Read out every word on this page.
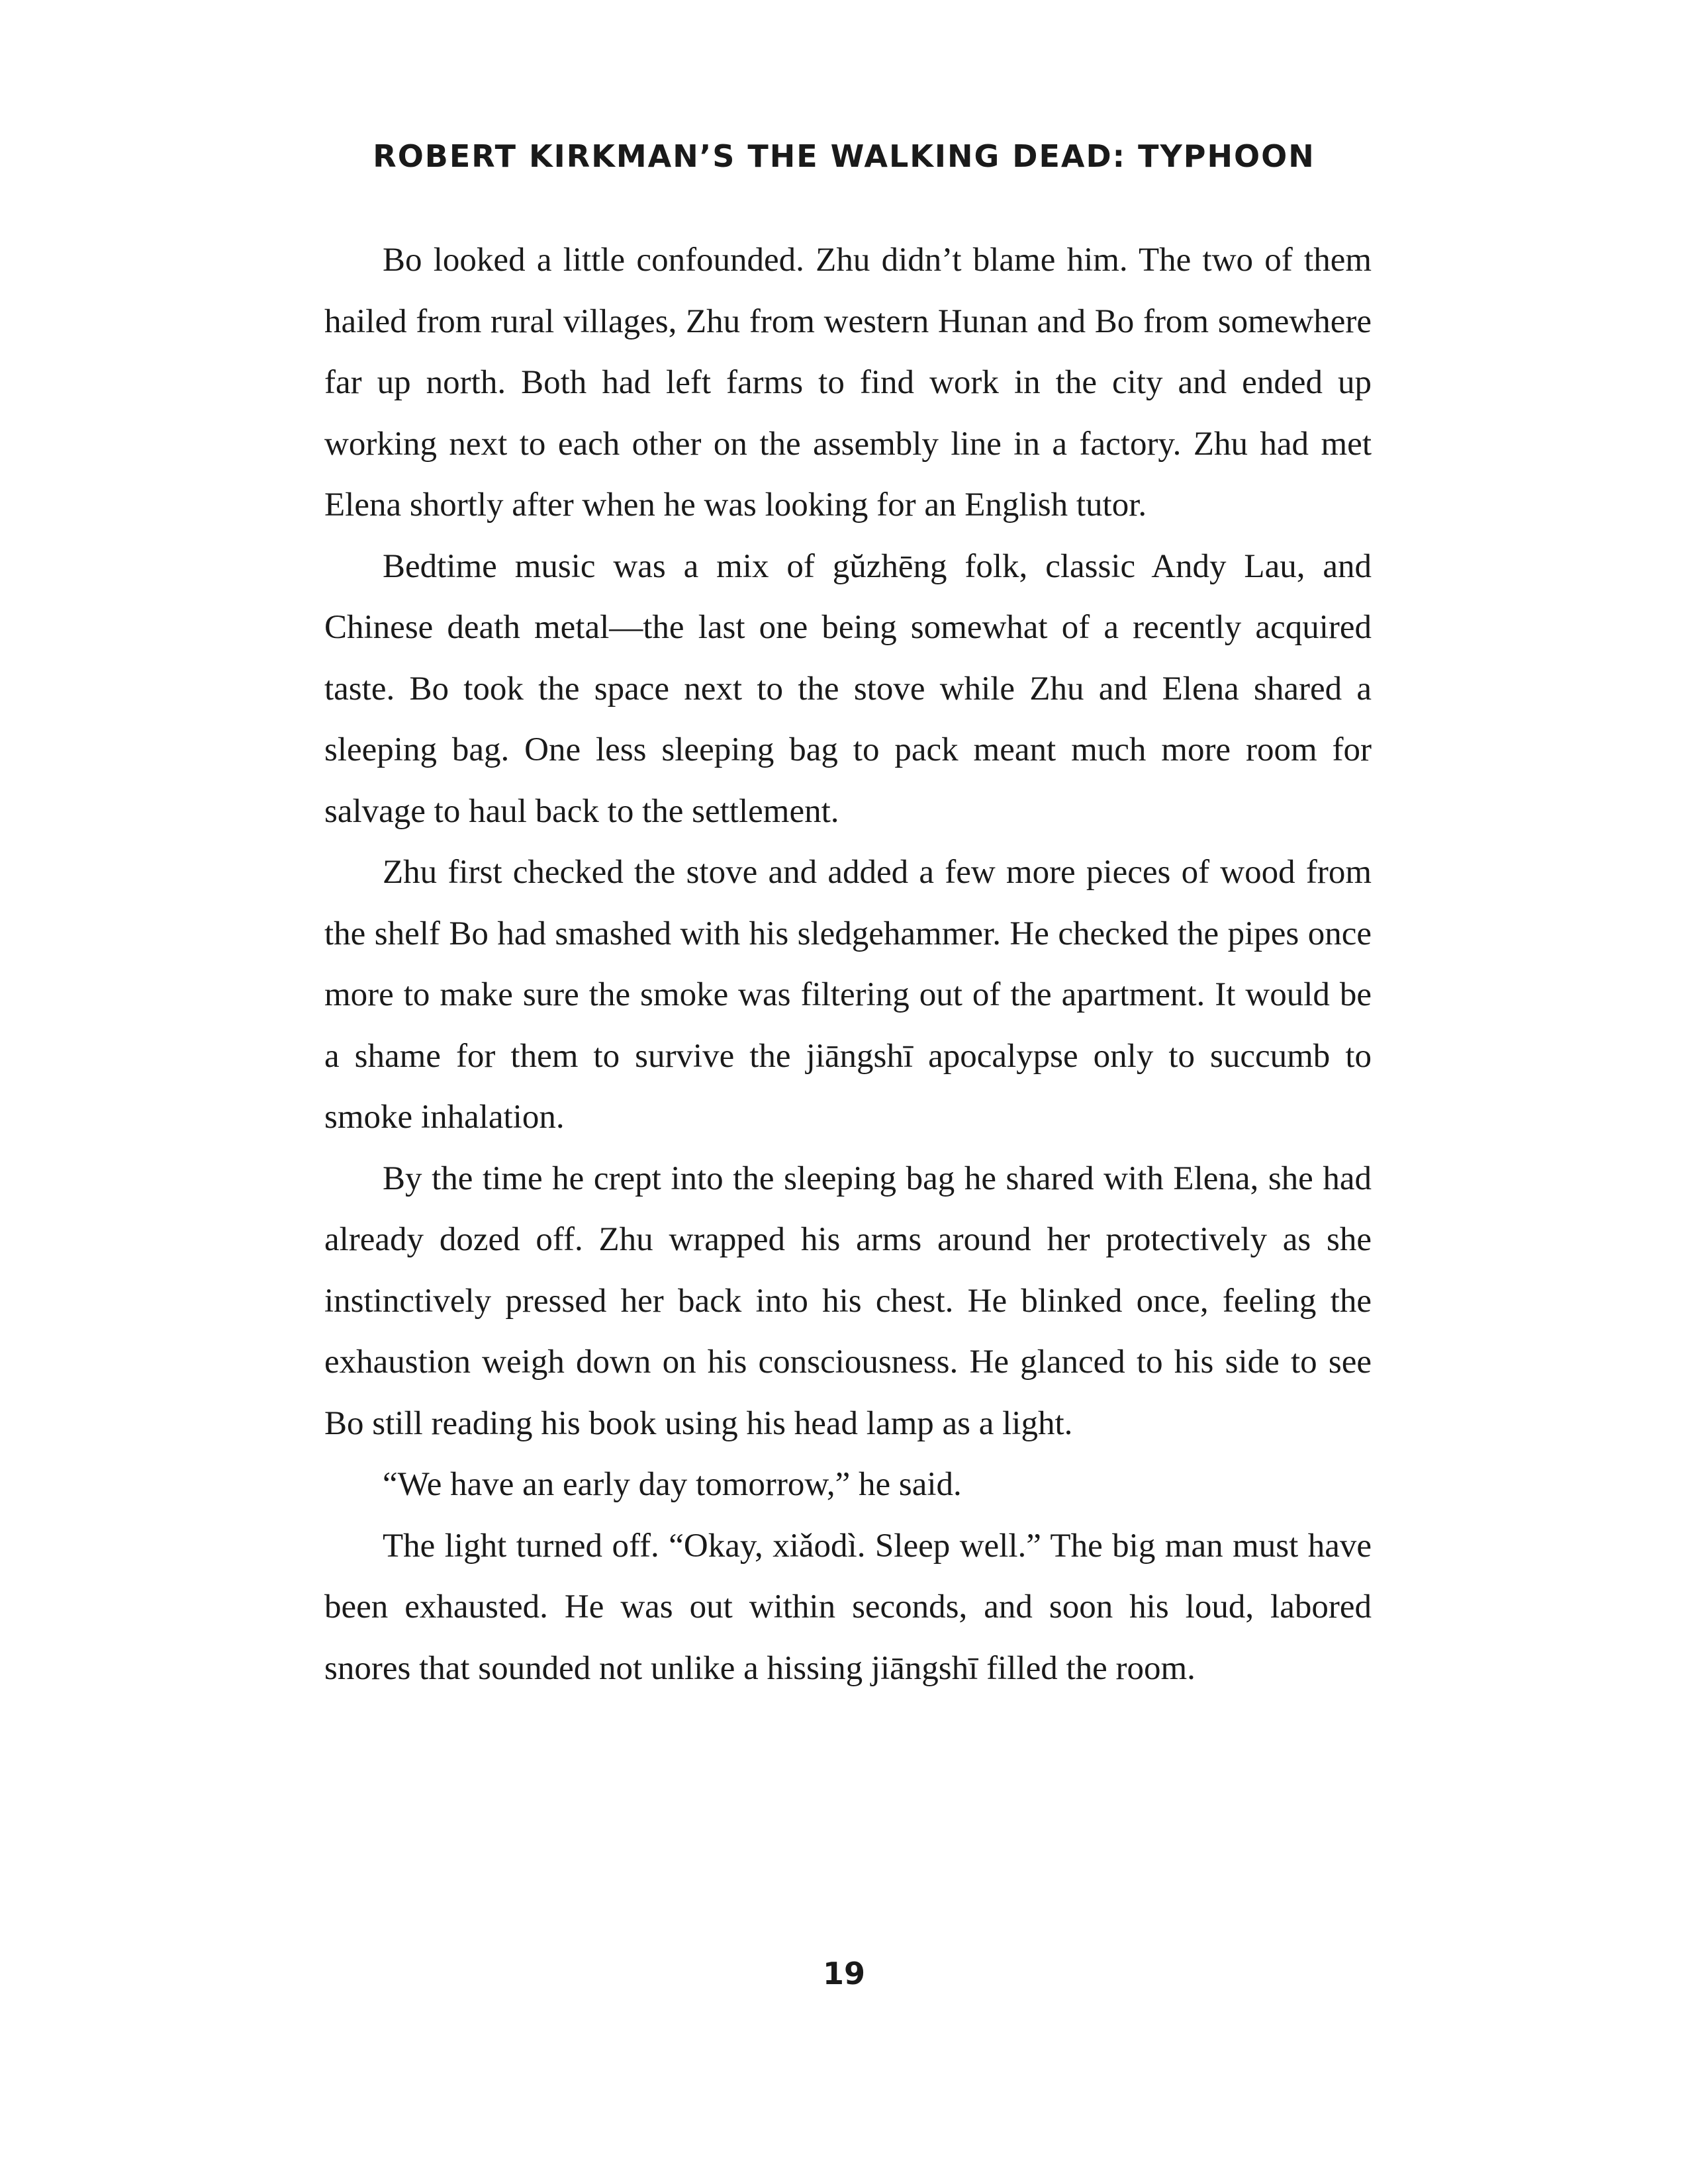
ROBERT KIRKMAN’S THE WALKING DEAD: TYPHOON

Bo looked a little confounded. Zhu didn’t blame him. The two of them hailed from rural villages, Zhu from western Hunan and Bo from somewhere far up north. Both had left farms to find work in the city and ended up working next to each other on the assembly line in a factory. Zhu had met Elena shortly after when he was looking for an English tutor.

Bedtime music was a mix of gŭzhēng folk, classic Andy Lau, and Chinese death metal—the last one being somewhat of a recently acquired taste. Bo took the space next to the stove while Zhu and Elena shared a sleeping bag. One less sleeping bag to pack meant much more room for salvage to haul back to the settlement.

Zhu first checked the stove and added a few more pieces of wood from the shelf Bo had smashed with his sledgehammer. He checked the pipes once more to make sure the smoke was filtering out of the apartment. It would be a shame for them to survive the jiāngshī apocalypse only to succumb to smoke inhalation.

By the time he crept into the sleeping bag he shared with Elena, she had already dozed off. Zhu wrapped his arms around her protectively as she instinctively pressed her back into his chest. He blinked once, feeling the exhaustion weigh down on his consciousness. He glanced to his side to see Bo still reading his book using his head lamp as a light.

“We have an early day tomorrow,” he said.

The light turned off. “Okay, xiǎodì. Sleep well.” The big man must have been exhausted. He was out within seconds, and soon his loud, labored snores that sounded not unlike a hissing jiāngshī filled the room.

19
